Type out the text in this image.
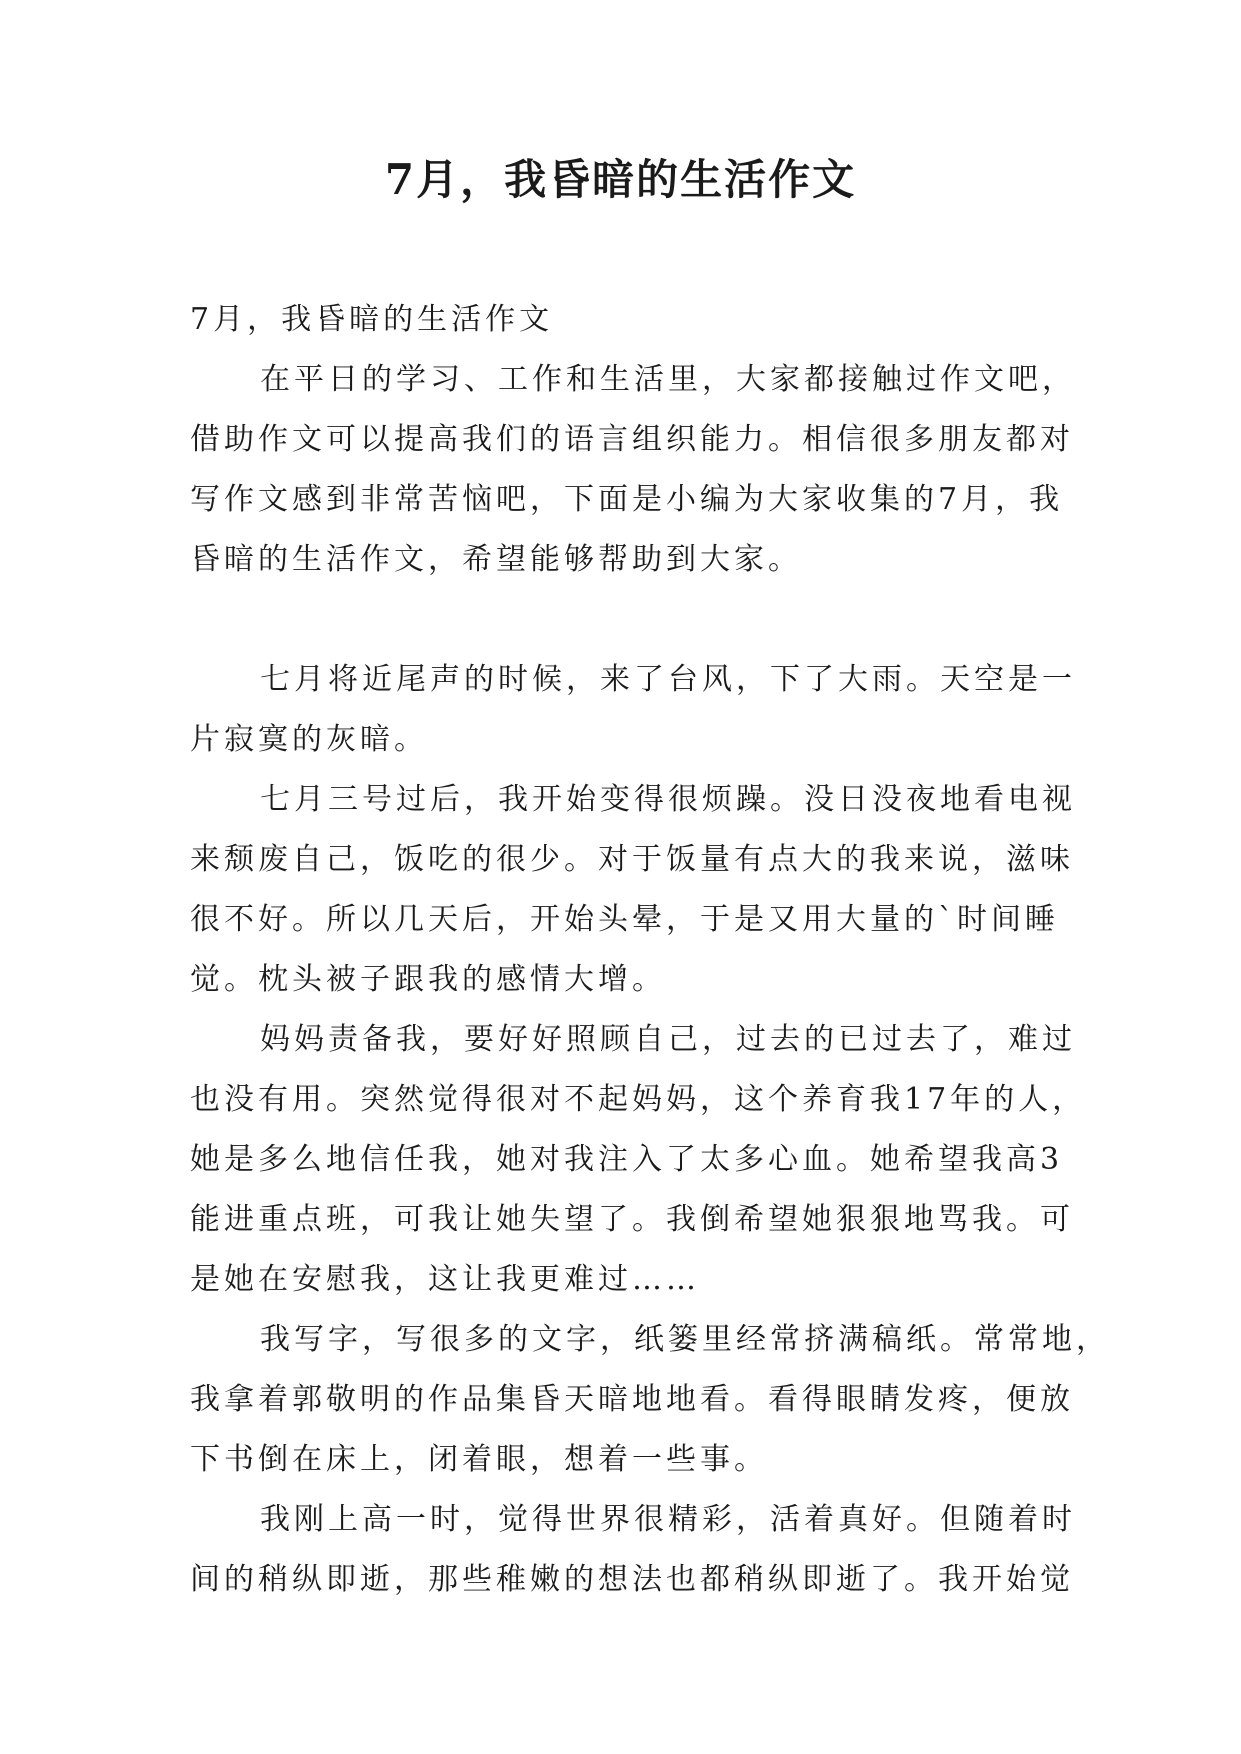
7月，我昏暗的生活作文
7月，我昏暗的生活作文
在平日的学习、工作和生活里，大家都接触过作文吧，
借助作文可以提高我们的语言组织能力。相信很多朋友都对
写作文感到非常苦恼吧，下面是小编为大家收集的7月，我
昏暗的生活作文，希望能够帮助到大家。
七月将近尾声的时候，来了台风，下了大雨。天空是一
片寂寞的灰暗。
七月三号过后，我开始变得很烦躁。没日没夜地看电视
来颓废自己，饭吃的很少。对于饭量有点大的我来说，滋味
很不好。所以几天后，开始头晕，于是又用大量的`时间睡
觉。枕头被子跟我的感情大增。
妈妈责备我，要好好照顾自己，过去的已过去了，难过
也没有用。突然觉得很对不起妈妈，这个养育我17年的人，
她是多么地信任我，她对我注入了太多心血。她希望我高3
能进重点班，可我让她失望了。我倒希望她狠狠地骂我。可
是她在安慰我，这让我更难过……
我写字，写很多的文字，纸篓里经常挤满稿纸。常常地，
我拿着郭敬明的作品集昏天暗地地看。看得眼睛发疼，便放
下书倒在床上，闭着眼，想着一些事。
我刚上高一时，觉得世界很精彩，活着真好。但随着时
间的稍纵即逝，那些稚嫩的想法也都稍纵即逝了。我开始觉
